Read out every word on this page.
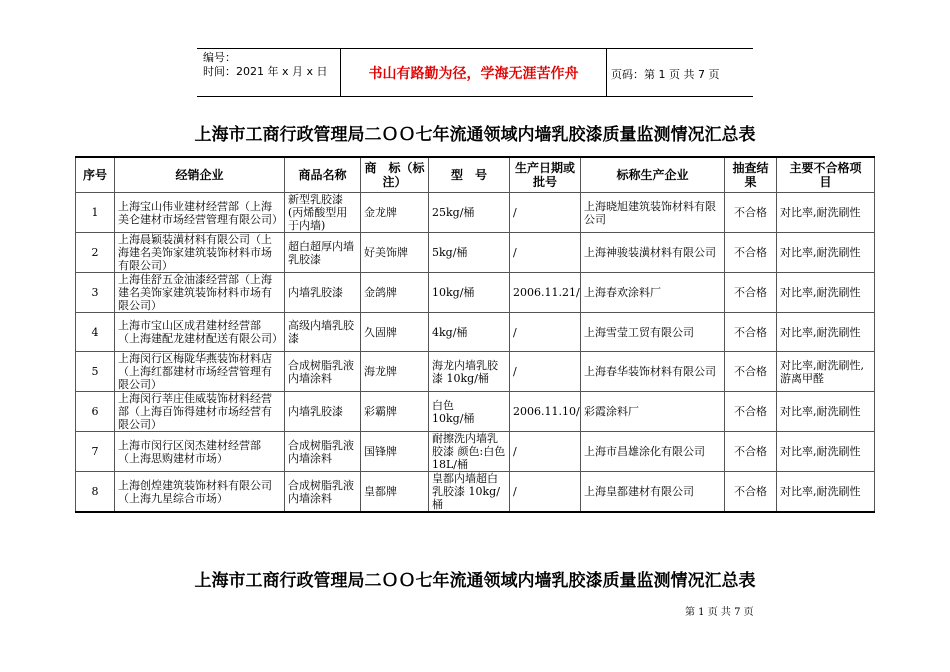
编号：
时间：2021 年 x 月 x 日	书山有路勤为径，学海无涯苦作舟	页码：第 1 页 共 7 页
上海市工商行政管理局二ＯＯ七年流通领域内墙乳胶漆质量监测情况汇总表
序号	经销企业	商品名称	商　标（标注）	型　号	生产日期或批号	标称生产企业	抽查结果	主要不合格项　目
1	上海宝山伟业建材经营部（上海美仑建材市场经营管理有限公司）	新型乳胶漆(丙烯酸型用于内墙)	金龙牌	25kg/桶	/	上海晓旭建筑装饰材料有限公司	不合格	对比率,耐洗刷性
2	上海晨颖装潢材料有限公司（上海建名美饰家建筑装饰材料市场有限公司）	超白超厚内墙乳胶漆	好美饰牌	5kg/桶	/	上海神骏装潢材料有限公司	不合格	对比率,耐洗刷性
3	上海佳舒五金油漆经营部（上海建名美饰家建筑装饰材料市场有限公司）	内墙乳胶漆	金鸽牌	10kg/桶	2006.11.21/	上海春欢涂料厂	不合格	对比率,耐洗刷性
4	上海市宝山区成君建材经营部（上海建配龙建材配送有限公司）	高级内墙乳胶漆	久固牌	4kg/桶	/	上海雪莹工贸有限公司	不合格	对比率,耐洗刷性
5	上海闵行区梅陇华燕装饰材料店（上海红都建材市场经营管理有限公司）	合成树脂乳液内墙涂料	海龙牌	海龙内墙乳胶漆 10kg/桶	/	上海春华装饰材料有限公司	不合格	对比率,耐洗刷性,游离甲醛
6	上海闵行莘庄佳威装饰材料经营部（上海百饰得建材市场经营有限公司）	内墙乳胶漆	彩霸牌	白色　　10kg/桶	2006.11.10/	彩霞涂料厂	不合格	对比率,耐洗刷性
7	上海市闵行区闵杰建材经营部（上海思购建材市场）	合成树脂乳液内墙涂料	国锋牌	耐擦洗内墙乳胶漆 颜色:白色 18L/桶	/	上海市昌雄涂化有限公司	不合格	对比率,耐洗刷性
8	上海创煌建筑装饰材料有限公司（上海九星综合市场）	合成树脂乳液内墙涂料	皇都牌	皇都内墙超白乳胶漆 10kg/桶	/	上海皇都建材有限公司	不合格	对比率,耐洗刷性
上海市工商行政管理局二ＯＯ七年流通领域内墙乳胶漆质量监测情况汇总表
第 1 页 共 7 页
